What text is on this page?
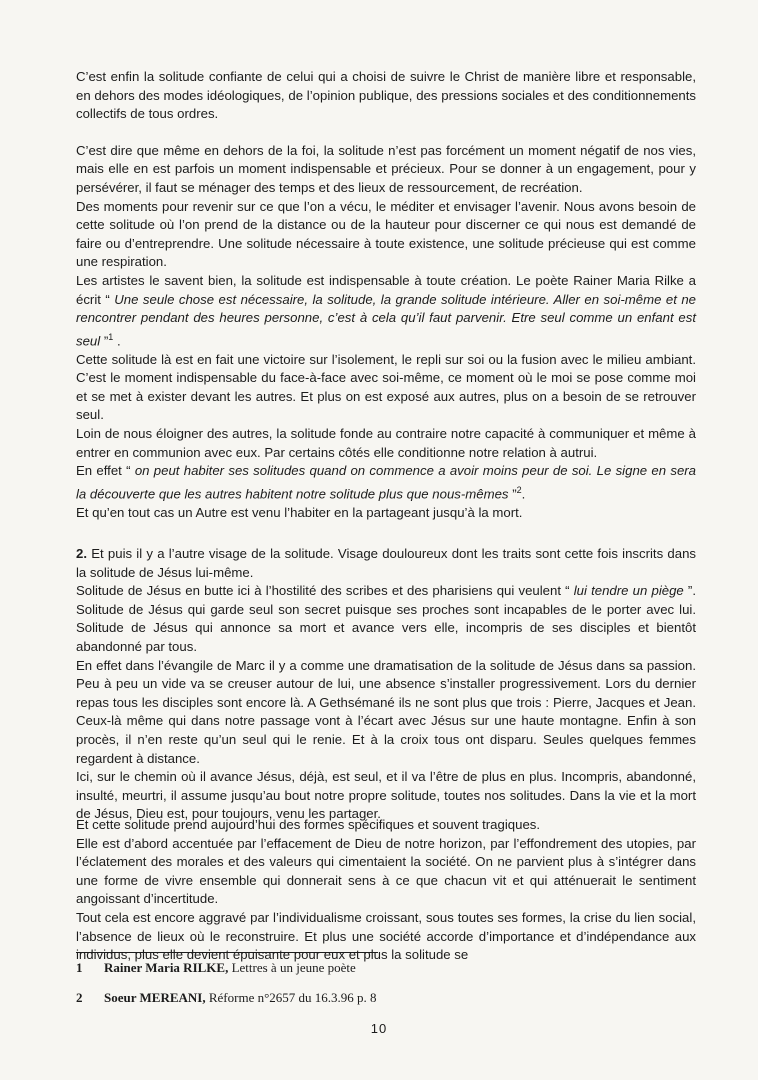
C’est enfin la solitude confiante de celui qui a choisi de suivre le Christ de manière libre et responsable, en dehors des modes idéologiques, de l’opinion publique, des pressions sociales et des conditionnements collectifs de tous ordres.

C’est dire que même en dehors de la foi, la solitude n’est pas forcément un moment négatif de nos vies, mais elle en est parfois un moment indispensable et précieux. Pour se donner à un engagement, pour y persévérer, il faut se ménager des temps et des lieux de ressourcement, de recréation.

Des moments pour revenir sur ce que l’on a vécu, le méditer et envisager l’avenir. Nous avons besoin de cette solitude où l’on prend de la distance ou de la hauteur pour discerner ce qui nous est demandé de faire ou d’entreprendre. Une solitude nécessaire à toute existence, une solitude précieuse qui est comme une respiration.

Les artistes le savent bien, la solitude est indispensable à toute création. Le poète Rainer Maria Rilke a écrit “ Une seule chose est nécessaire, la solitude, la grande solitude intérieure. Aller en soi-même et ne rencontrer pendant des heures personne, c’est à cela qu’il faut parvenir. Etre seul comme un enfant est seul ”$^1$ .

Cette solitude là est en fait une victoire sur l’isolement, le repli sur soi ou la fusion avec le milieu ambiant. C’est le moment indispensable du face-à-face avec soi-même, ce moment où le moi se pose comme moi et se met à exister devant les autres. Et plus on est exposé aux autres, plus on a besoin de se retrouver seul.

Loin de nous éloigner des autres, la solitude fonde au contraire notre capacité à communiquer et même à entrer en communion avec eux. Par certains côtés elle conditionne notre relation à autrui.

En effet “ on peut habiter ses solitudes quand on commence a avoir moins peur de soi. Le signe en sera la découverte que les autres habitent notre solitude plus que nous-mêmes ”$^2$.

Et qu’en tout cas un Autre est venu l’habiter en la partageant jusqu’à la mort.

2. Et puis il y a l’autre visage de la solitude. Visage douloureux dont les traits sont cette fois inscrits dans la solitude de Jésus lui-même.

Solitude de Jésus en butte ici à l’hostilité des scribes et des pharisiens qui veulent “ lui tendre un piège ”. Solitude de Jésus qui garde seul son secret puisque ses proches sont incapables de le porter avec lui. Solitude de Jésus qui annonce sa mort et avance vers elle, incompris de ses disciples et bientôt abandonné par tous.

En effet dans l’évangile de Marc il y a comme une dramatisation de la solitude de Jésus dans sa passion. Peu à peu un vide va se creuser autour de lui, une absence s’installer progressivement. Lors du dernier repas tous les disciples sont encore là. A Gethsémané ils ne sont plus que trois : Pierre, Jacques et Jean. Ceux-là même qui dans notre passage vont à l’écart avec Jésus sur une haute montagne. Enfin à son procès, il n’en reste qu’un seul qui le renie. Et à la croix tous ont disparu. Seules quelques femmes regardent à distance.

Ici, sur le chemin où il avance Jésus, déjà, est seul, et il va l’être de plus en plus. Incompris, abandonné, insulté, meurtri, il assume jusqu’au bout notre propre solitude, toutes nos solitudes. Dans la vie et la mort de Jésus, Dieu est, pour toujours, venu les partager.

Et cette solitude prend aujourd’hui des formes spécifiques et souvent tragiques.

Elle est d’abord accentuée par l’effacement de Dieu de notre horizon, par l’effondrement des utopies, par l’éclatement des morales et des valeurs qui cimentaient la société. On ne parvient plus à s’intégrer dans une forme de vivre ensemble qui donnerait sens à ce que chacun vit et qui atténuerait le sentiment angoissant d’incertitude.

Tout cela est encore aggravé par l’individualisme croissant, sous toutes ses formes, la crise du lien social, l’absence de lieux où le reconstruire. Et plus une société accorde d’importance et d’indépendance aux individus, plus elle devient épuisante pour eux et plus la solitude se

1 Rainer Maria RILKE, Lettres à un jeune poète
2 Soeur MEREANI, Réforme n°2657 du 16.3.96 p. 8
10
